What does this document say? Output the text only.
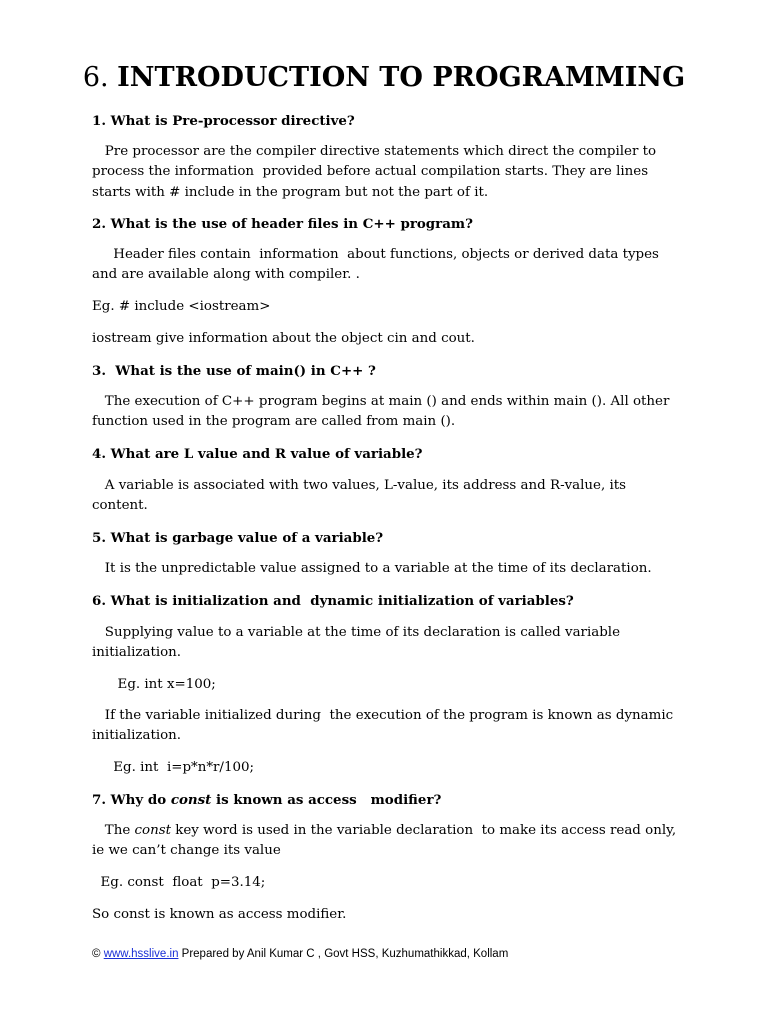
6. INTRODUCTION TO PROGRAMMING
1. What is Pre-processor directive?
Pre processor are the compiler directive statements which direct the compiler to process the information  provided before actual compilation starts. They are lines starts with # include in the program but not the part of it.
2. What is the use of header files in C++ program?
Header files contain  information  about functions, objects or derived data types and are available along with compiler. .
Eg. # include <iostream>
iostream give information about the object cin and cout.
3.  What is the use of main() in C++ ?
The execution of C++ program begins at main () and ends within main (). All other function used in the program are called from main ().
4. What are L value and R value of variable?
A variable is associated with two values, L-value, its address and R-value, its content.
5. What is garbage value of a variable?
It is the unpredictable value assigned to a variable at the time of its declaration.
6. What is initialization and  dynamic initialization of variables?
Supplying value to a variable at the time of its declaration is called variable initialization.
Eg. int x=100;
If the variable initialized during  the execution of the program is known as dynamic initialization.
Eg. int  i=p*n*r/100;
7. Why do const is known as access   modifier?
The const key word is used in the variable declaration  to make its access read only, ie we can’t change its value
Eg. const  float  p=3.14;
So const is known as access modifier.
© www.hsslive.in Prepared by Anil Kumar C , Govt HSS, Kuzhumathikkad, Kollam
